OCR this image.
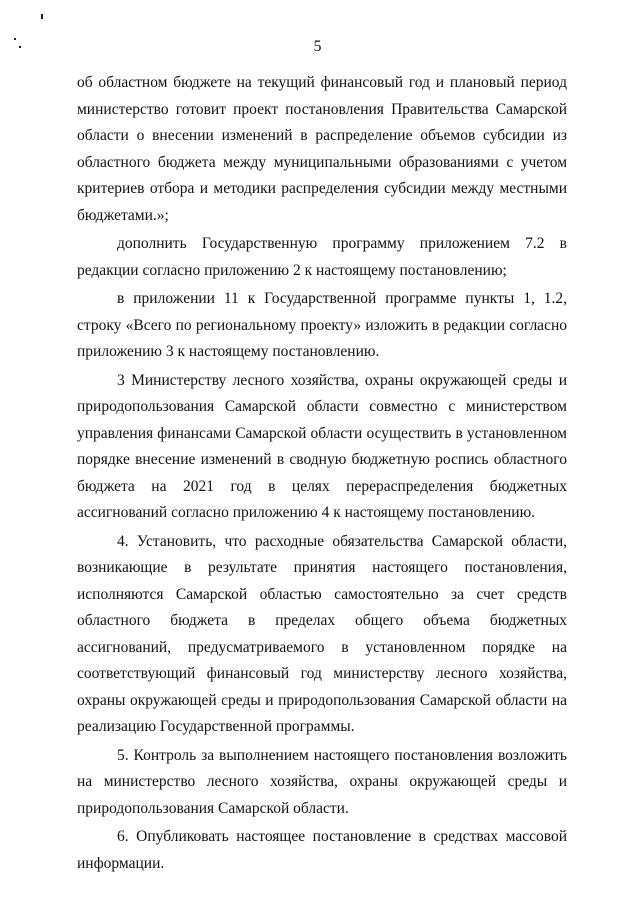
5

об областном бюджете на текущий финансовый год и плановый период министерство готовит проект постановления Правительства Самарской области о внесении изменений в распределение объемов субсидии из областного бюджета между муниципальными образованиями с учетом критериев отбора и методики распределения субсидии между местными бюджетами.»;

дополнить Государственную программу приложением 7.2 в редакции согласно приложению 2 к настоящему постановлению;

в приложении 11 к Государственной программе пункты 1, 1.2, строку «Всего по региональному проекту» изложить в редакции согласно приложению 3 к настоящему постановлению.

3 Министерству лесного хозяйства, охраны окружающей среды и природопользования Самарской области совместно с министерством управления финансами Самарской области осуществить в установленном порядке внесение изменений в сводную бюджетную роспись областного бюджета на 2021 год в целях перераспределения бюджетных ассигнований согласно приложению 4 к настоящему постановлению.

4. Установить, что расходные обязательства Самарской области, возникающие в результате принятия настоящего постановления, исполняются Самарской областью самостоятельно за счет средств областного бюджета в пределах общего объема бюджетных ассигнований, предусматриваемого в установленном порядке на соответствующий финансовый год министерству лесного хозяйства, охраны окружающей среды и природопользования Самарской области на реализацию Государственной программы.

5. Контроль за выполнением настоящего постановления возложить на министерство лесного хозяйства, охраны окружающей среды и природопользования Самарской области.

6. Опубликовать настоящее постановление в средствах массовой информации.
